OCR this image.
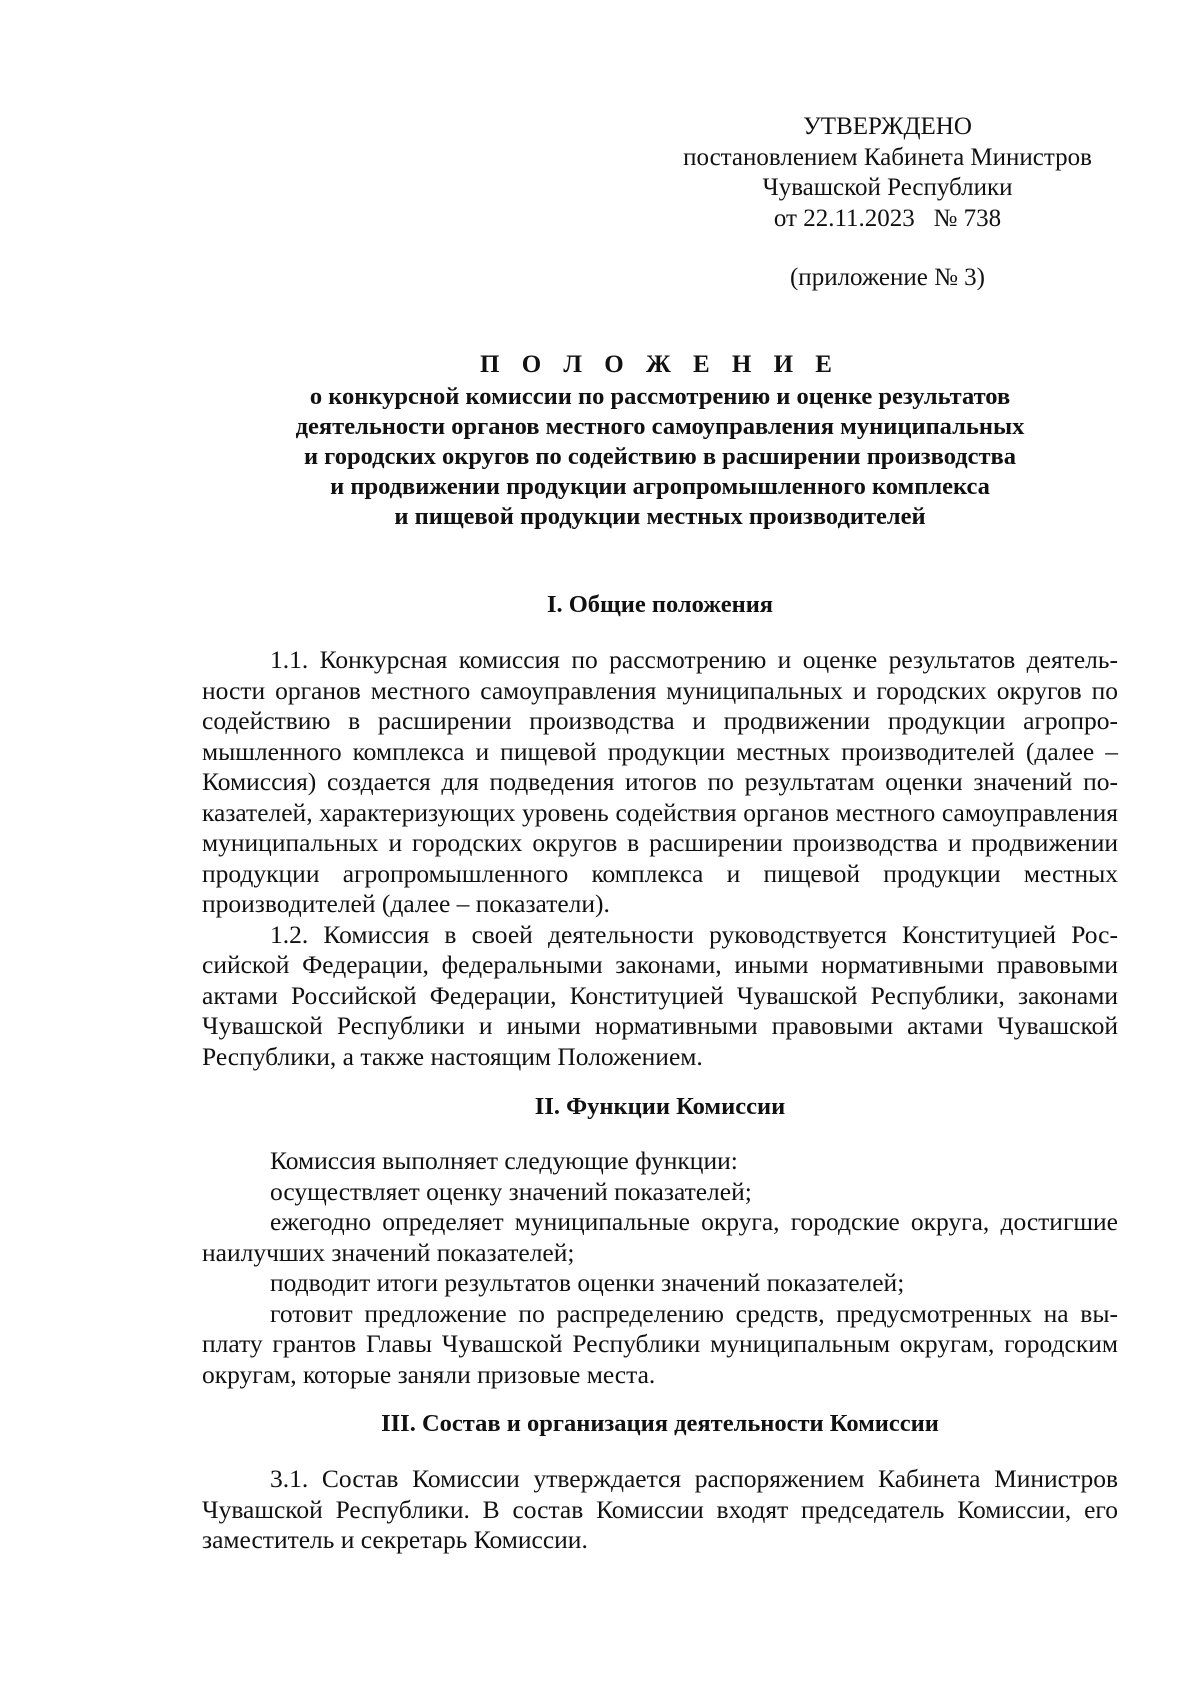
УТВЕРЖДЕНО
постановлением Кабинета Министров
Чувашской Республики
от 22.11.2023   № 738
(приложение № 3)
П О Л О Ж Е Н И Е
о конкурсной комиссии по рассмотрению и оценке результатов
деятельности органов местного самоуправления муниципальных
и городских округов по содействию в расширении производства
и продвижении продукции агропромышленного комплекса
и пищевой продукции местных производителей
I. Общие положения

1.1. Конкурсная комиссия по рассмотрению и оценке результатов деятельности органов местного самоуправления муниципальных и городских округов по содействию в расширении производства и продвижении продукции агропромышленного комплекса и пищевой продукции местных производителей (далее – Комиссия) создается для подведения итогов по результатам оценки значений показателей, характеризующих уровень содействия органов местного самоуправления муниципальных и городских округов в расширении производства и продвижении продукции агропромышленного комплекса и пищевой продукции местных производителей (далее – показатели).

1.2. Комиссия в своей деятельности руководствуется Конституцией Российской Федерации, федеральными законами, иными нормативными правовыми актами Российской Федерации, Конституцией Чувашской Республики, законами Чувашской Республики и иными нормативными правовыми актами Чувашской Республики, а также настоящим Положением.

II. Функции Комиссии

Комиссия выполняет следующие функции:

осуществляет оценку значений показателей;

ежегодно определяет муниципальные округа, городские округа, достигшие наилучших значений показателей;

подводит итоги результатов оценки значений показателей;

готовит предложение по распределению средств, предусмотренных на выплату грантов Главы Чувашской Республики муниципальным округам, городским округам, которые заняли призовые места.

III. Состав и организация деятельности Комиссии

3.1. Состав Комиссии утверждается распоряжением Кабинета Министров Чувашской Республики. В состав Комиссии входят председатель Комиссии, его заместитель и секретарь Комиссии.
